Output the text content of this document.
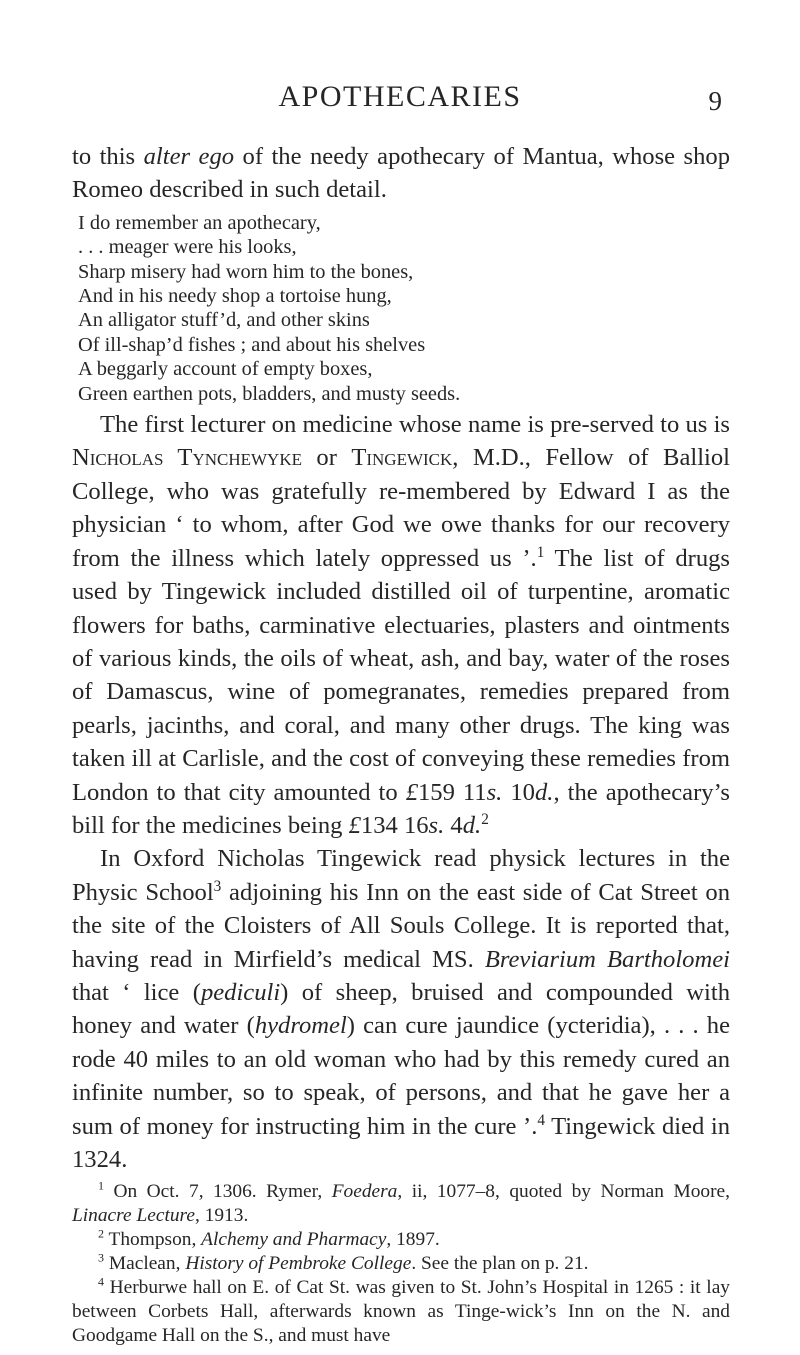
APOTHECARIES	9

to this alter ego of the needy apothecary of Mantua, whose shop Romeo described in such detail.

I do remember an apothecary,
. . . meager were his looks,
Sharp misery had worn him to the bones,
And in his needy shop a tortoise hung,
An alligator stuff’d, and other skins
Of ill-shap’d fishes ; and about his shelves
A beggarly account of empty boxes,
Green earthen pots, bladders, and musty seeds.

The first lecturer on medicine whose name is pre-served to us is Nicholas Tynchewyke or Tingewick, M.D., Fellow of Balliol College, who was gratefully re-membered by Edward I as the physician ‘ to whom, after God we owe thanks for our recovery from the illness which lately oppressed us ’.$^1$ The list of drugs used by Tingewick included distilled oil of turpentine, aromatic flowers for baths, carminative electuaries, plasters and ointments of various kinds, the oils of wheat, ash, and bay, water of the roses of Damascus, wine of pomegranates, remedies prepared from pearls, jacinths, and coral, and many other drugs. The king was taken ill at Carlisle, and the cost of conveying these remedies from London to that city amounted to £159 11s. 10d., the apothecary’s bill for the medicines being £134 16s. 4d.$^2$

In Oxford Nicholas Tingewick read physick lectures in the Physic School$^3$ adjoining his Inn on the east side of Cat Street on the site of the Cloisters of All Souls College. It is reported that, having read in Mirfield’s medical MS. Breviarium Bartholomei that ‘ lice (pediculi) of sheep, bruised and compounded with honey and water (hydromel) can cure jaundice (ycteridia), . . . he rode 40 miles to an old woman who had by this remedy cured an infinite number, so to speak, of persons, and that he gave her a sum of money for instructing him in the cure ’.$^4$ Tingewick died in 1324.

$^1$ On Oct. 7, 1306. Rymer, Foedera, ii, 1077–8, quoted by Norman Moore, Linacre Lecture, 1913.

$^2$ Thompson, Alchemy and Pharmacy, 1897.

$^3$ Maclean, History of Pembroke College. See the plan on p. 21.

$^4$ Herburwe hall on E. of Cat St. was given to St. John’s Hospital in 1265 : it lay between Corbets Hall, afterwards known as Tinge-wick’s Inn on the N. and Goodgame Hall on the S., and must have
